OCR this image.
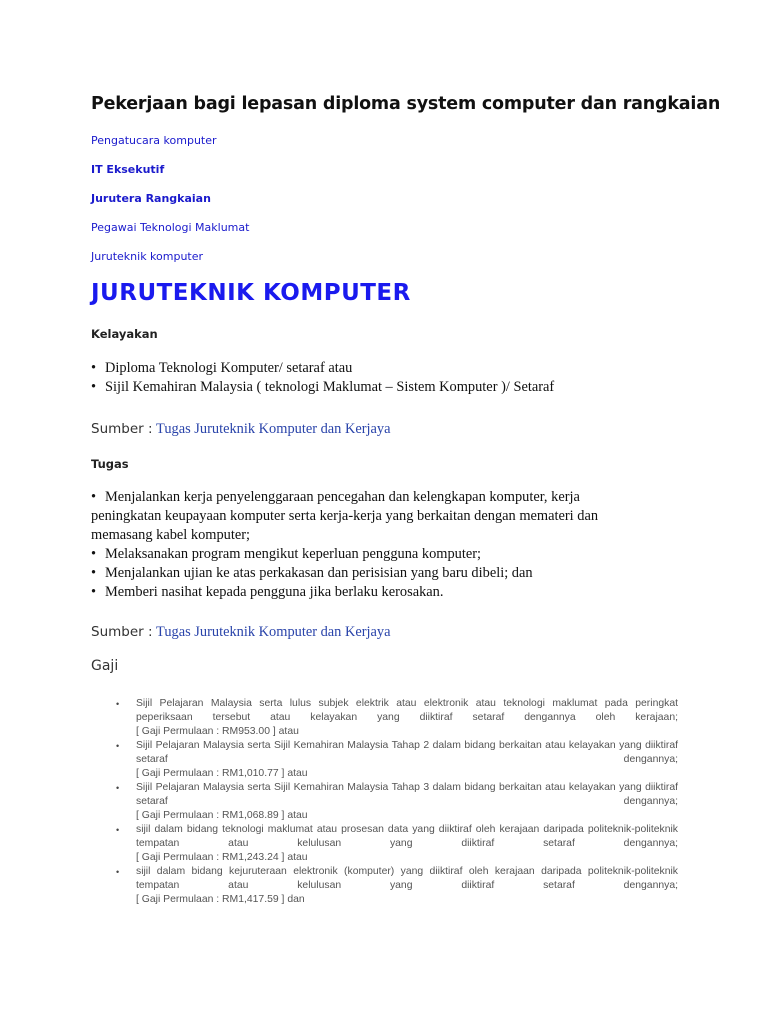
Pekerjaan bagi lepasan diploma system computer dan rangkaian
Pengatucara komputer
IT Eksekutif
Jurutera Rangkaian
Pegawai Teknologi Maklumat
Juruteknik komputer
JURUTEKNIK KOMPUTER
Kelayakan
• Diploma Teknologi Komputer/ setaraf atau
• Sijil Kemahiran Malaysia ( teknologi Maklumat – Sistem Komputer )/ Setaraf
Sumber : Tugas Juruteknik Komputer dan Kerjaya
Tugas
• Menjalankan kerja penyelenggaraan pencegahan dan kelengkapan komputer, kerja peningkatan keupayaan komputer serta kerja-kerja yang berkaitan dengan memateri dan memasang kabel komputer;
• Melaksanakan program mengikut keperluan pengguna komputer;
• Menjalankan ujian ke atas perkakasan dan perisisian yang baru dibeli; dan
• Memberi nasihat kepada pengguna jika berlaku kerosakan.
Sumber : Tugas Juruteknik Komputer dan Kerjaya
Gaji
• Sijil Pelajaran Malaysia serta lulus subjek elektrik atau elektronik atau teknologi maklumat pada peringkat peperiksaan tersebut atau kelayakan yang diiktiraf setaraf dengannya oleh kerajaan;
[ Gaji Permulaan : RM953.00 ] atau
• Sijil Pelajaran Malaysia serta Sijil Kemahiran Malaysia Tahap 2 dalam bidang berkaitan atau kelayakan yang diiktiraf setaraf dengannya;
[ Gaji Permulaan : RM1,010.77 ] atau
• Sijil Pelajaran Malaysia serta Sijil Kemahiran Malaysia Tahap 3 dalam bidang berkaitan atau kelayakan yang diiktiraf setaraf dengannya;
[ Gaji Permulaan : RM1,068.89 ] atau
• sijil dalam bidang teknologi maklumat atau prosesan data yang diiktiraf oleh kerajaan daripada politeknik-politeknik tempatan atau kelulusan yang diiktiraf setaraf dengannya;
[ Gaji Permulaan : RM1,243.24 ] atau
• sijil dalam bidang kejuruteraan elektronik (komputer) yang diiktiraf oleh kerajaan daripada politeknik-politeknik tempatan atau kelulusan yang diiktiraf setaraf dengannya;
[ Gaji Permulaan : RM1,417.59 ] dan
